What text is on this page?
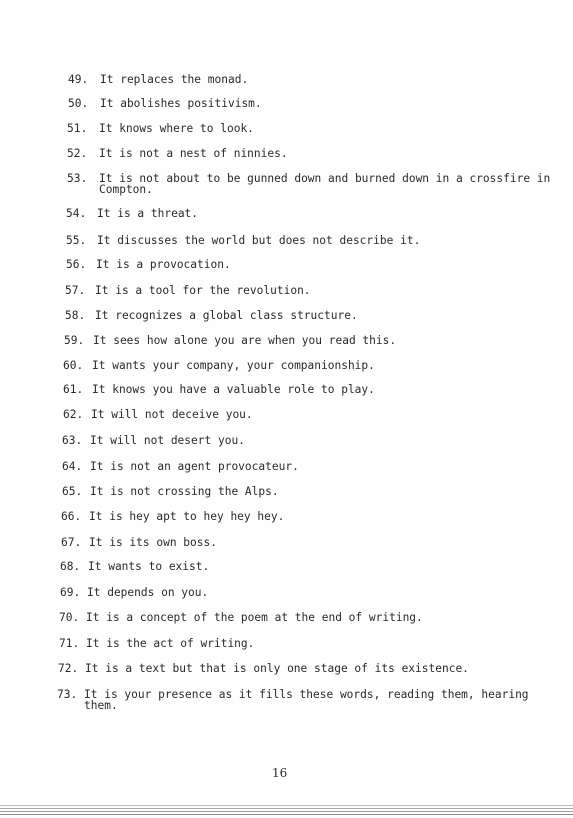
49. It replaces the monad.
50. It abolishes positivism.
51. It knows where to look.
52. It is not a nest of ninnies.
53. It is not about to be gunned down and burned down in a crossfire in
Compton.
54. It is a threat.
55. It discusses the world but does not describe it.
56. It is a provocation.
57. It is a tool for the revolution.
58. It recognizes a global class structure.
59. It sees how alone you are when you read this.
60. It wants your company, your companionship.
61. It knows you have a valuable role to play.
62. It will not deceive you.
63. It will not desert you.
64. It is not an agent provocateur.
65. It is not crossing the Alps.
66. It is hey apt to hey hey hey.
67. It is its own boss.
68. It wants to exist.
69. It depends on you.
70. It is a concept of the poem at the end of writing.
71. It is the act of writing.
72. It is a text but that is only one stage of its existence.
73. It is your presence as it fills these words, reading them, hearing
them.
16
